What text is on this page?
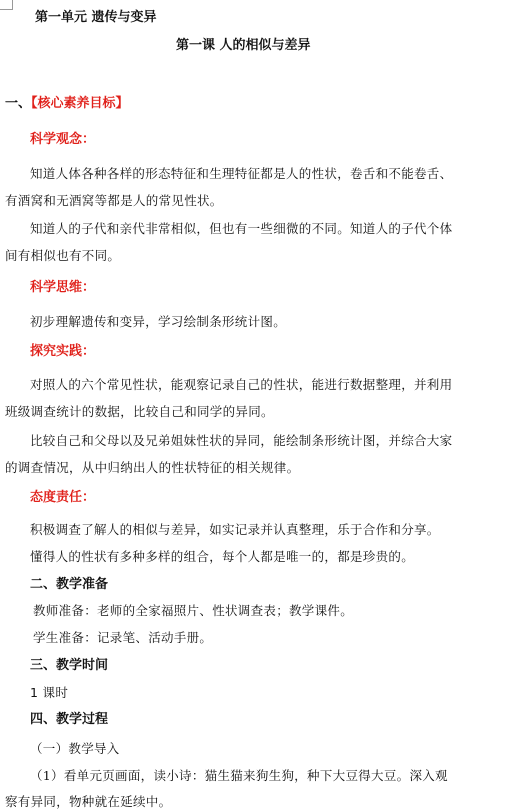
第一单元 遗传与变异
第一课 人的相似与差异
一、【核心素养目标】
科学观念：
知道人体各种各样的形态特征和生理特征都是人的性状，卷舌和不能卷舌、
有酒窝和无酒窝等都是人的常见性状。
知道人的子代和亲代非常相似，但也有一些细微的不同。知道人的子代个体
间有相似也有不同。
科学思维：
初步理解遗传和变异，学习绘制条形统计图。
探究实践：
对照人的六个常见性状，能观察记录自己的性状，能进行数据整理，并利用
班级调查统计的数据，比较自己和同学的异同。
比较自己和父母以及兄弟姐妹性状的异同，能绘制条形统计图，并综合大家
的调查情况，从中归纳出人的性状特征的相关规律。
态度责任：
积极调查了解人的相似与差异，如实记录并认真整理，乐于合作和分享。
懂得人的性状有多种多样的组合，每个人都是唯一的，都是珍贵的。
二、教学准备
教师准备：老师的全家福照片、性状调查表；教学课件。
学生准备：记录笔、活动手册。
三、教学时间
1 课时
四、教学过程
（一）教学导入
（1）看单元页画面，读小诗：猫生猫来狗生狗，种下大豆得大豆。深入观
察有异同，物种就在延续中。
